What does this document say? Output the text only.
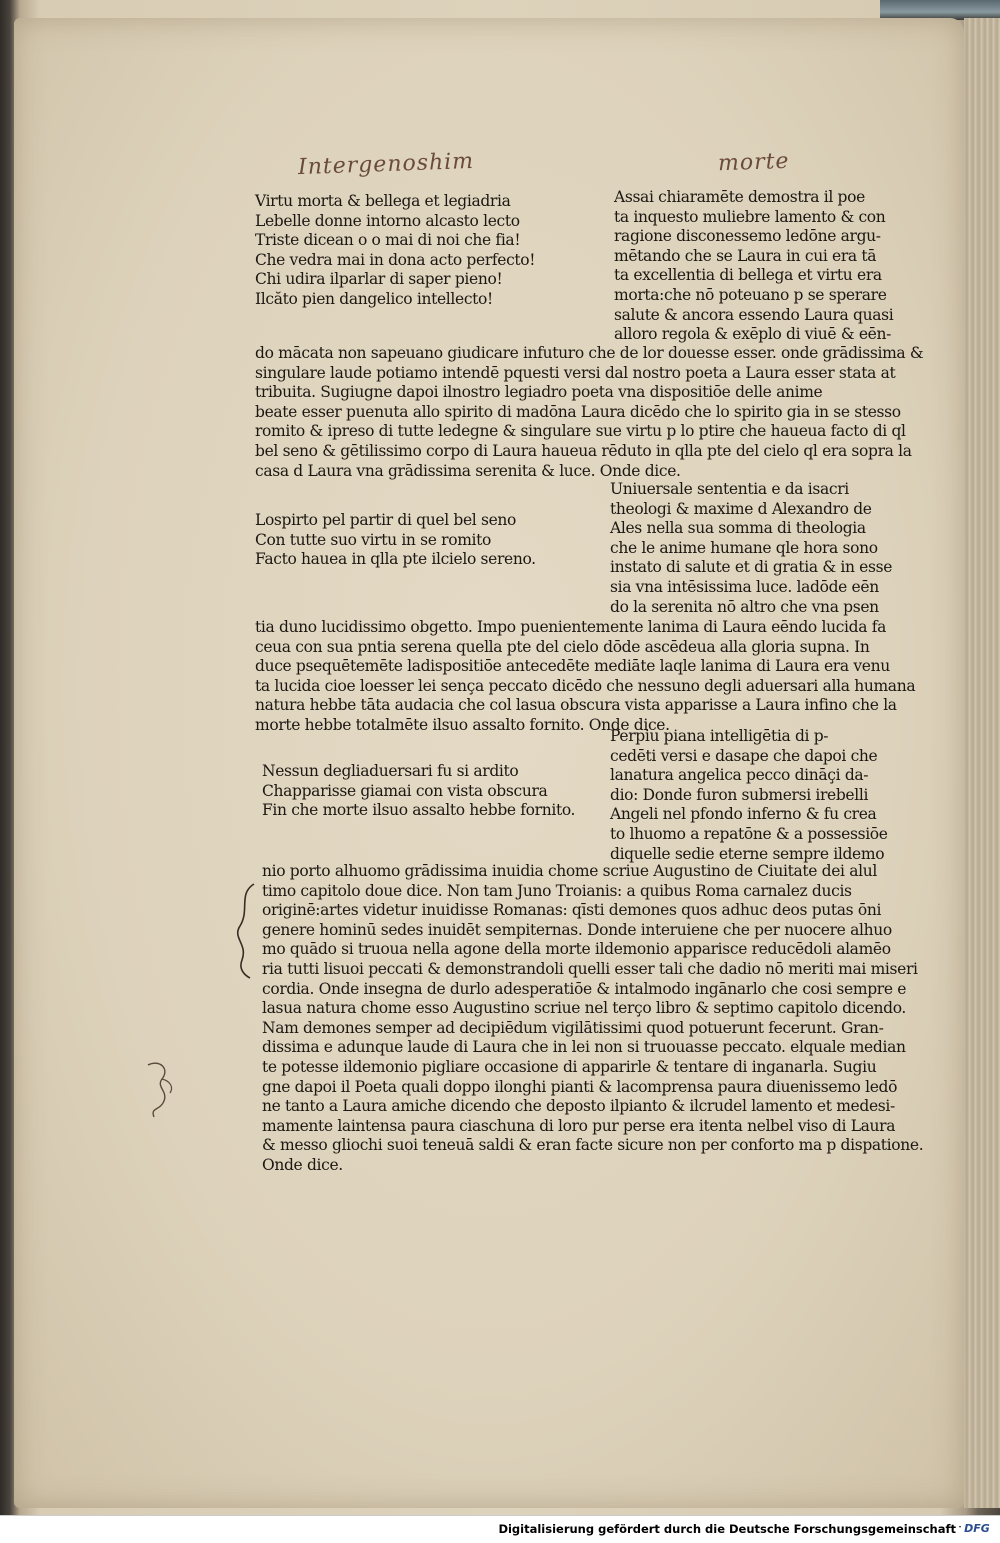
Intergenoshim	morte
Virtu morta & bellega et legiadria
Lebelle donne intorno alcasto lecto
Triste dicean o o mai di noi che fia!
Che vedra mai in dona acto perfecto!
Chi udira ilparlar di saper pieno!
Ilcăto pien dangelico intellecto!
Assai chiaramēte demostra il poe
ta inquesto muliebre lamento & con
ragione disconessemo ledōne argu-
mētando che se Laura in cui era tā
ta excellentia di bellega et virtu era
morta:che nō poteuano p se sperare
salute & ancora essendo Laura quasi
alloro regola & exēplo di viuē & eēn-
do mācata non sapeuano giudicare infuturo che de lor douesse esser. onde grādissima &
singulare laude potiamo intendē pquesti versi dal nostro poeta a Laura esser stata at
tribuita. Sugiugne dapoi ilnostro legiadro poeta vna dispositiōe delle anime
beate esser puenuta allo spirito di madōna Laura dicēdo che lo spirito gia in se stesso
romito & ipreso di tutte ledegne & singulare sue virtu p lo ptire che haueua facto di ql
bel seno & gētilissimo corpo di Laura haueua rēduto in qlla pte del cielo ql era sopra la
casa d Laura vna grādissima serenita & luce. Onde dice.
Uniuersale sententia e da isacri
theologi & maxime d Alexandro de
Ales nella sua somma di theologia
che le anime humane qle hora sono
instato di salute et di gratia & in esse
sia vna intēsissima luce. ladōde eēn
do la serenita nō altro che vna psen
Lospirto pel partir di quel bel seno
Con tutte suo virtu in se romito
Facto hauea in qlla pte ilcielo sereno.
tia duno lucidissimo obgetto. Impo puenientemente lanima di Laura eēndo lucida fa
ceua con sua pntia serena quella pte del cielo dōde ascēdeua alla gloria supna. In
duce psequētemēte ladispositiōe antecedēte mediāte laqle lanima di Laura era venu
ta lucida cioe loesser lei sença peccato dicēdo che nessuno degli aduersari alla humana
natura hebbe tāta audacia che col lasua obscura vista apparisse a Laura infino che la
morte hebbe totalmēte ilsuo assalto fornito. Onde dice.
Perpiu piana intelligētia di p-
cedēti versi e dasape che dapoi che
lanatura angelica pecco dināçi da-
dio: Donde furon submersi irebelli
Angeli nel pfondo inferno & fu crea
to lhuomo a repatōne & a possessiōe
diquelle sedie eterne sempre ildemo
Nessun degliaduersari fu si ardito
Chapparisse giamai con vista obscura
Fin che morte ilsuo assalto hebbe fornito.
nio porto alhuomo grādissima inuidia chome scriue Augustino de Ciuitate dei alul
timo capitolo doue dice. Non tam Juno Troianis: a quibus Roma carnalez ducis
originē:artes videtur inuidisse Romanas: qīsti demones quos adhuc deos putas ōni
genere hominū sedes inuidēt sempiternas. Donde interuiene che per nuocere alhuo
mo quādo si truoua nella agone della morte ildemonio apparisce reducēdoli alamēo
ria tutti lisuoi peccati & demonstrandoli quelli esser tali che dadio nō meriti mai miseri
cordia. Onde insegna de durlo adesperatiōe & intalmodo ingānarlo che cosi sempre e
lasua natura chome esso Augustino scriue nel terço libro & septimo capitolo dicendo.
Nam demones semper ad decipiēdum vigilātissimi quod potuerunt fecerunt. Gran-
dissima e adunque laude di Laura che in lei non si truouasse peccato. elquale median
te potesse ildemonio pigliare occasione di apparirle & tentare di inganarla. Sugiu
gne dapoi il Poeta quali doppo ilonghi pianti & lacomprensa paura diuenissemo ledō
ne tanto a Laura amiche dicendo che deposto ilpianto & ilcrudel lamento et medesi-
mamente laintensa paura ciaschuna di loro pur perse era itenta nelbel viso di Laura
& messo gliochi suoi teneuā saldi & eran facte sicure non per conforto ma p dispatione.
Onde dice.
Digitalisierung gefördert durch die Deutsche Forschungsgemeinschaft · DFG
